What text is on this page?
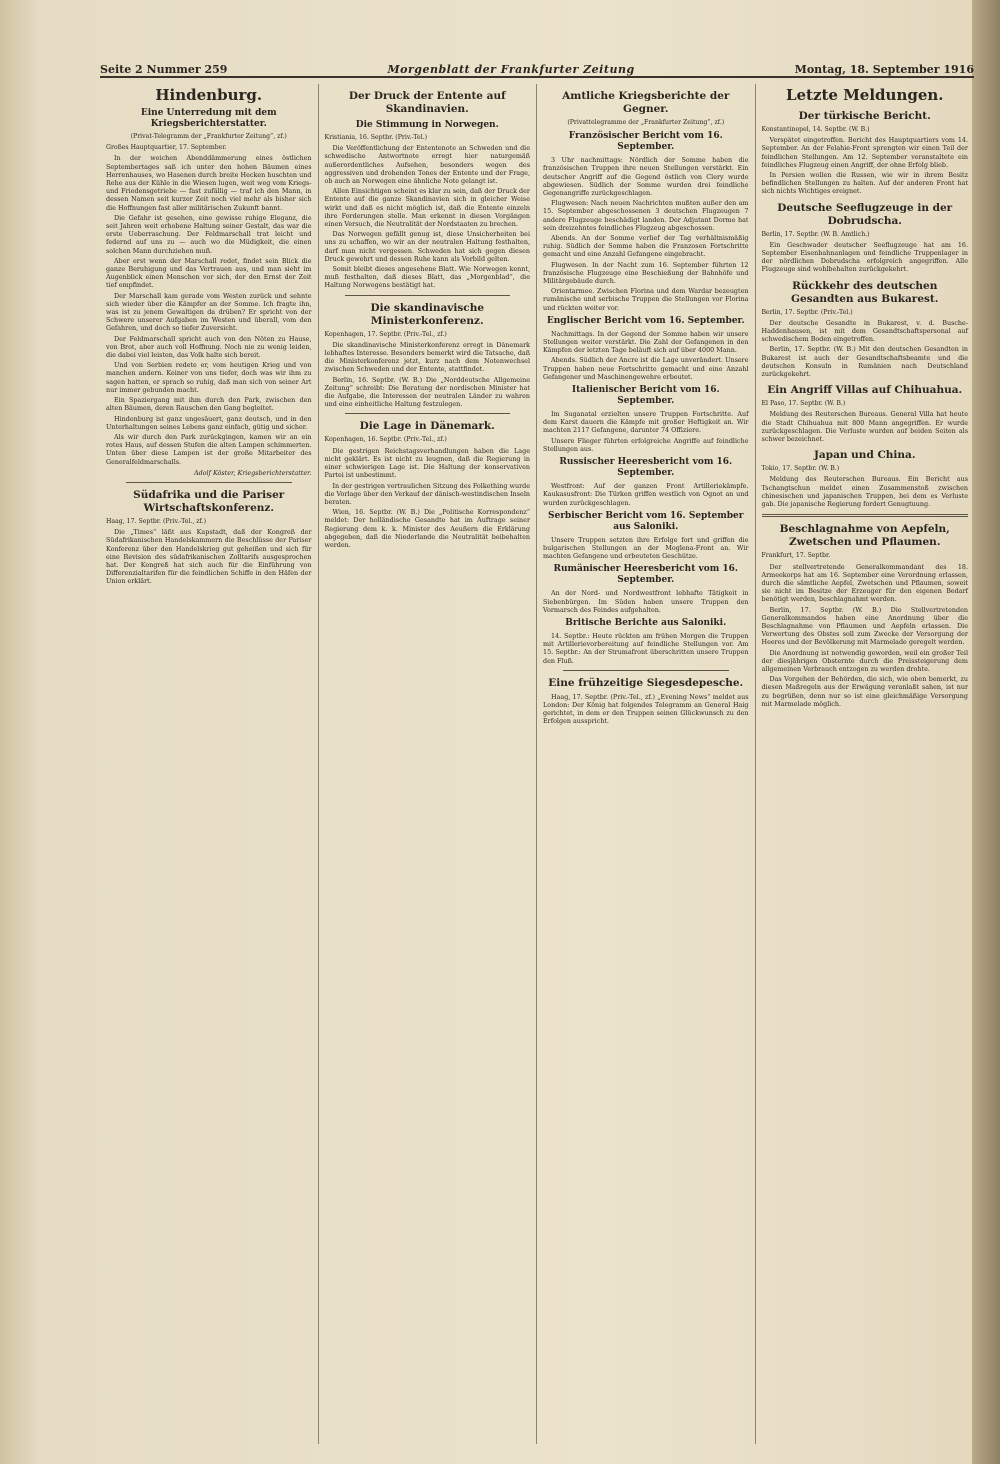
Seite 2 Nummer 259	Morgenblatt der Frankfurter Zeitung	Montag, 18. September 1916
Hindenburg.
Eine Unterredung mit dem Kriegsberichterstatter.
(Privat-Telegramm der „Frankfurter Zeitung“, zf.)
Großes Hauptquartier, 17. September.

In der weichen Abenddämmerung eines östlichen Septembertages saß ich unter den hohen Bäumen eines Herrenhauses, wo Hasenen durch breite Hecken huschten und Rehe aus der Kühle in die Wiesen lugen, weit weg vom Kriegs- und Friedensgetriebe — fast zufällig — traf ich den Mann, in dessen Namen seit kurzer Zeit noch viel mehr als bisher sich die Hoffnungen fast aller militärischen Zukunft bannt.

Die Gefahr ist gesehen, eine gewisse ruhige Eleganz, die seit Jahren weit erhobene Haltung seiner Gestalt, das war die erste Ueberraschung. Der Feldmarschall trat leicht und federnd auf uns zu — auch wo die Müdigkeit, die einen solchen Mann durchziehen muß.

Aber erst wenn der Marschall redet, findet sein Blick die ganze Beruhigung und das Vertrauen aus, und man sieht im Augenblick einen Menschen vor sich, der den Ernst der Zeit tief empfindet.

Der Marschall kam gerade vom Westen zurück und sehnte sich wieder über die Kämpfer an der Somme. Ich fragte ihn, was ist zu jenem Gewaltigen da drüben? Er spricht von der Schwere unserer Aufgaben im Westen und überall, vom den Gefahren, und doch so tiefer Zuversicht.

Der Feldmarschall spricht auch von den Nöten zu Hause, von Brot, aber auch voll Hoffnung. Noch nie zu wenig leiden, die dabei viel leisten, das Volk halte sich bereit.

Und von Serbien redete er, vom heutigen Krieg und von manchen andern. Keiner von uns tiefer, doch was wir ihm zu sagen hatten, er sprach so ruhig, daß man sich von seiner Art nur immer gebunden macht.

Ein Spaziergang mit ihm durch den Park, zwischen den alten Bäumen, deren Rauschen den Gang begleitet.

Hindenburg ist ganz ungesäuert, ganz deutsch, und in den Unterhaltungen seines Lebens ganz einfach, gütig und sicher.

Als wir durch den Park zurückgingen, kamen wir an ein rotes Haus, auf dessen Stufen die alten Lampen schimmerten. Unten über diese Lampen ist der große Mitarbeiter des Generalfeldmarschalls.

Adolf Köster, Kriegsberichterstatter.
Südafrika und die Pariser Wirtschaftskonferenz.
Haag, 17. Septbr. (Priv.-Tel., zf.)

Die „Times“ läßt aus Kapstadt, daß der Kongreß der Südafrikanischen Handelskammern die Beschlüsse der Pariser Konferenz über den Handelskrieg gut geheißen und sich für eine Revision des südafrikanischen Zolltarifs ausgesprochen hat. Der Kongreß hat sich auch für die Einführung von Differenzialtarifen für die feindlichen Schiffe in den Häfen der Union erklärt.

Der Druck der Entente auf Skandinavien.
Die Stimmung in Norwegen.
Kristiania, 16. Septbr. (Priv.-Tel.)

Die Veröffentlichung der Ententenote an Schweden und die schwedische Antwortnote erregt hier naturgemäß außerordentliches Aufsehen, besonders wegen des aggressiven und drohenden Tones der Entente und der Frage, ob auch an Norwegen eine ähnliche Note gelangt ist.

Allen Einsichtigen scheint es klar zu sein, daß der Druck der Entente auf die ganze Skandinavien sich in gleicher Weise wirkt und daß es nicht möglich ist, daß die Entente einzeln ihre Forderungen stelle. Man erkennt in diesen Vorgängen einen Versuch, die Neutralität der Nordstaaten zu brechen.

Das Norwegen gefällt genug ist, diese Unsicherheiten bei uns zu schaffen, wo wir an der neutralen Haltung festhalten, darf man nicht vergessen. Schweden hat sich gegen diesen Druck gewehrt und dessen Ruhe kann als Vorbild gelten.

Somit bleibt dieses angesehene Blatt. Wie Norwegen kennt, muß festhalten, daß dieses Blatt, das „Morgenblad“, die Haltung Norwegens bestätigt hat.

Die skandinavische Ministerkonferenz.
Kopenhagen, 17. Septbr. (Priv.-Tel., zf.)

Die skandinavische Ministerkonferenz erregt in Dänemark lebhaftes Interesse. Besonders bemerkt wird die Tatsache, daß die Ministerkonferenz jetzt, kurz nach dem Notenwechsel zwischen Schweden und der Entente, stattfindet.

Berlin, 16. Septbr. (W. B.) Die „Norddeutsche Allgemeine Zeitung“ schreibt: Die Beratung der nordischen Minister hat die Aufgabe, die Interessen der neutralen Länder zu wahren und eine einheitliche Haltung festzulegen.

Die Lage in Dänemark.
Kopenhagen, 16. Septbr. (Priv.-Tel., zf.)

Die gestrigen Reichstagsverhandlungen haben die Lage nicht geklärt. Es ist nicht zu leugnen, daß die Regierung in einer schwierigen Lage ist. Die Haltung der konservativen Partei ist unbestimmt.

In der gestrigen vertraulichen Sitzung des Folkething wurde die Vorlage über den Verkauf der dänisch-westindischen Inseln beraten.

Wien, 16. Septbr. (W. B.) Die „Politische Korrespondenz“ meldet: Der holländische Gesandte hat im Auftrage seiner Regierung dem k. k. Minister des Aeußern die Erklärung abgegeben, daß die Niederlande die Neutralität beibehalten werden.

Amtliche Kriegsberichte der Gegner.
(Privattelegramme der „Frankfurter Zeitung“, zf.)
Französischer Bericht vom 16. September.

3 Uhr nachmittags: Nördlich der Somme haben die französischen Truppen ihre neuen Stellungen verstärkt. Ein deutscher Angriff auf die Gegend östlich von Clery wurde abgewiesen. Südlich der Somme wurden drei feindliche Gegenangriffe zurückgeschlagen.

Flugwesen: Nach neuen Nachrichten mußten außer den am 15. September abgeschossenen 3 deutschen Flugzeugen 7 andere Flugzeuge beschädigt landen. Der Adjutant Dorme hat sein dreizehntes feindliches Flugzeug abgeschossen.

Abends. An der Somme verlief der Tag verhältnismäßig ruhig. Südlich der Somme haben die Franzosen Fortschritte gemacht und eine Anzahl Gefangene eingebracht.

Flugwesen. In der Nacht zum 16. September führten 12 französische Flugzeuge eine Beschießung der Bahnhöfe und Militärgebäude durch.

Orientarmee. Zwischen Florina und dem Wardar bezeugten rumänische und serbische Truppen die Stellungen vor Florina und rückten weiter vor.

Englischer Bericht vom 16. September.

Nachmittags. In der Gegend der Somme haben wir unsere Stellungen weiter verstärkt. Die Zahl der Gefangenen in den Kämpfen der letzten Tage beläuft sich auf über 4000 Mann.

Abends. Südlich der Ancre ist die Lage unverändert. Unsere Truppen haben neue Fortschritte gemacht und eine Anzahl Gefangener und Maschinengewehre erbeutet.

Italienischer Bericht vom 16. September.

Im Suganatal erzielten unsere Truppen Fortschritte. Auf dem Karst dauern die Kämpfe mit großer Heftigkeit an. Wir machten 2117 Gefangene, darunter 74 Offiziere.

Unsere Flieger führten erfolgreiche Angriffe auf feindliche Stellungen aus.

Russischer Heeresbericht vom 16. September.

Westfront: Auf der ganzen Front Artilleriekämpfe. Kaukasusfront: Die Türken griffen westlich von Ognot an und wurden zurückgeschlagen.

Serbischer Bericht vom 16. September aus Saloniki.

Unsere Truppen setzten ihre Erfolge fort und griffen die bulgarischen Stellungen an der Moglena-Front an. Wir machten Gefangene und erbeuteten Geschütze.

Rumänischer Heeresbericht vom 16. September.

An der Nord- und Nordwestfront lebhafte Tätigkeit in Siebenbürgen. Im Süden haben unsere Truppen den Vormarsch des Feindes aufgehalten.

Britische Berichte aus Saloniki.

14. Septbr.: Heute rückten am frühen Morgen die Truppen mit Artillerievorbereitung auf feindliche Stellungen vor. Am 15. Septbr.: An der Strumafront überschritten unsere Truppen den Fluß.

Eine frühzeitige Siegesdepesche.

Haag, 17. Septbr. (Priv.-Tel., zf.) „Evening News“ meldet aus London: Der König hat folgendes Telegramm an General Haig gerichtet, in dem er den Truppen seinen Glückwunsch zu den Erfolgen ausspricht.

Letzte Meldungen.
Der türkische Bericht.
Konstantinopel, 14. Septbr. (W. B.)

Verspätet eingetroffen. Bericht des Hauptquartiers vom 14. September. An der Felahie-Front sprengten wir einen Teil der feindlichen Stellungen. Am 12. September veranstaltete ein feindliches Flugzeug einen Angriff, der ohne Erfolg blieb.

In Persien wollen die Russen, wie wir in ihrem Besitz befindlichen Stellungen zu halten. Auf der anderen Front hat sich nichts Wichtiges ereignet.

Deutsche Seeflugzeuge in der Dobrudscha.
Berlin, 17. Septbr. (W. B. Amtlich.)

Ein Geschwader deutscher Seeflugzeuge hat am 16. September Eisenbahnanlagen und feindliche Truppenlager in der nördlichen Dobrudscha erfolgreich angegriffen. Alle Flugzeuge sind wohlbehalten zurückgekehrt.

Rückkehr des deutschen Gesandten aus Bukarest.
Berlin, 17. Septbr. (Priv.-Tel.)

Der deutsche Gesandte in Bukarest, v. d. Busche-Haddenhausen, ist mit dem Gesandtschaftspersonal auf schwedischem Boden eingetroffen.

Berlin, 17. Septbr. (W. B.) Mit den deutschen Gesandten in Bukarest ist auch der Gesandtschaftsbeamte und die deutschen Konsuln in Rumänien nach Deutschland zurückgekehrt.

Ein Angriff Villas auf Chihuahua.
El Paso, 17. Septbr. (W. B.)

Meldung des Reuterschen Bureaus. General Villa hat heute die Stadt Chihuahua mit 800 Mann angegriffen. Er wurde zurückgeschlagen. Die Verluste wurden auf beiden Seiten als schwer bezeichnet.

Japan und China.
Tokio, 17. Septbr. (W. B.)

Meldung des Reuterschen Bureaus. Ein Bericht aus Tschangtschun meldet einen Zusammenstoß zwischen chinesischen und japanischen Truppen, bei dem es Verluste gab. Die japanische Regierung fordert Genugtuung.

Beschlagnahme von Aepfeln, Zwetschen und Pflaumen.
Frankfurt, 17. Septbr.

Der stellvertretende Generalkommandant des 18. Armeekorps hat am 16. September eine Verordnung erlassen, durch die sämtliche Aepfel, Zwetschen und Pflaumen, soweit sie nicht im Besitze der Erzeuger für den eigenen Bedarf benötigt werden, beschlagnahmt werden.

Berlin, 17. Septbr. (W. B.) Die Stellvertretenden Generalkommandos haben eine Anordnung über die Beschlagnahme von Pflaumen und Aepfeln erlassen. Die Verwertung des Obstes soll zum Zwecke der Versorgung der Heeres und der Bevölkerung mit Marmelade geregelt werden.

Die Anordnung ist notwendig geworden, weil ein großer Teil der diesjährigen Obsternte durch die Preissteigerung dem allgemeinen Verbrauch entzogen zu werden drohte.

Das Vorgehen der Behörden, die sich, wie oben bemerkt, zu diesen Maßregeln aus der Erwägung veranlaßt sahen, ist nur zu begrüßen, denn nur so ist eine gleichmäßige Versorgung mit Marmelade möglich.
